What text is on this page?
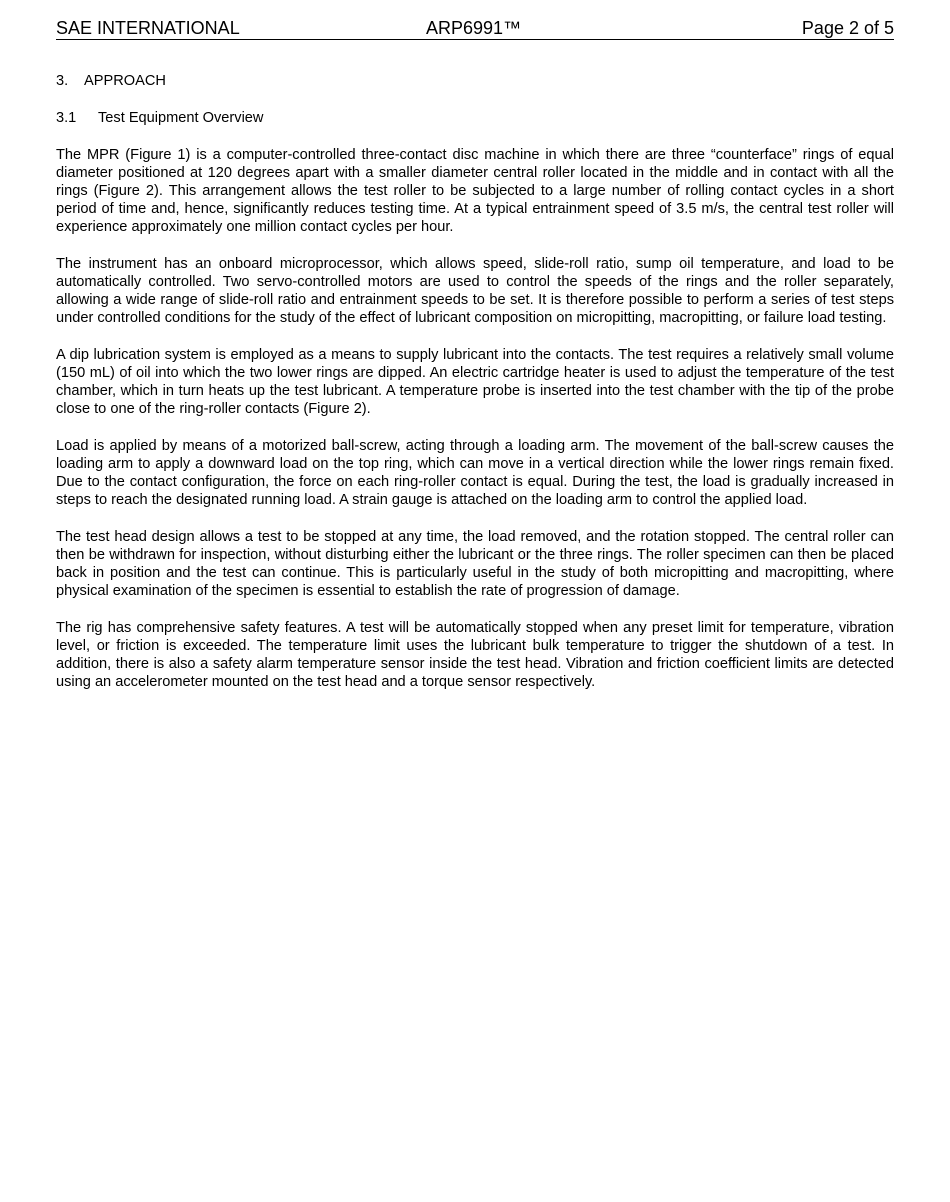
SAE INTERNATIONAL	ARP6991™	Page 2 of 5
3. APPROACH
3.1 Test Equipment Overview

The MPR (Figure 1) is a computer-controlled three-contact disc machine in which there are three “counterface” rings of equal diameter positioned at 120 degrees apart with a smaller diameter central roller located in the middle and in contact with all the rings (Figure 2). This arrangement allows the test roller to be subjected to a large number of rolling contact cycles in a short period of time and, hence, significantly reduces testing time. At a typical entrainment speed of 3.5 m/s, the central test roller will experience approximately one million contact cycles per hour.

The instrument has an onboard microprocessor, which allows speed, slide-roll ratio, sump oil temperature, and load to be automatically controlled. Two servo-controlled motors are used to control the speeds of the rings and the roller separately, allowing a wide range of slide-roll ratio and entrainment speeds to be set. It is therefore possible to perform a series of test steps under controlled conditions for the study of the effect of lubricant composition on micropitting, macropitting, or failure load testing.

A dip lubrication system is employed as a means to supply lubricant into the contacts. The test requires a relatively small volume (150 mL) of oil into which the two lower rings are dipped. An electric cartridge heater is used to adjust the temperature of the test chamber, which in turn heats up the test lubricant. A temperature probe is inserted into the test chamber with the tip of the probe close to one of the ring-roller contacts (Figure 2).

Load is applied by means of a motorized ball-screw, acting through a loading arm. The movement of the ball-screw causes the loading arm to apply a downward load on the top ring, which can move in a vertical direction while the lower rings remain fixed. Due to the contact configuration, the force on each ring-roller contact is equal. During the test, the load is gradually increased in steps to reach the designated running load. A strain gauge is attached on the loading arm to control the applied load.

The test head design allows a test to be stopped at any time, the load removed, and the rotation stopped. The central roller can then be withdrawn for inspection, without disturbing either the lubricant or the three rings. The roller specimen can then be placed back in position and the test can continue. This is particularly useful in the study of both micropitting and macropitting, where physical examination of the specimen is essential to establish the rate of progression of damage.

The rig has comprehensive safety features. A test will be automatically stopped when any preset limit for temperature, vibration level, or friction is exceeded. The temperature limit uses the lubricant bulk temperature to trigger the shutdown of a test. In addition, there is also a safety alarm temperature sensor inside the test head. Vibration and friction coefficient limits are detected using an accelerometer mounted on the test head and a torque sensor respectively.
